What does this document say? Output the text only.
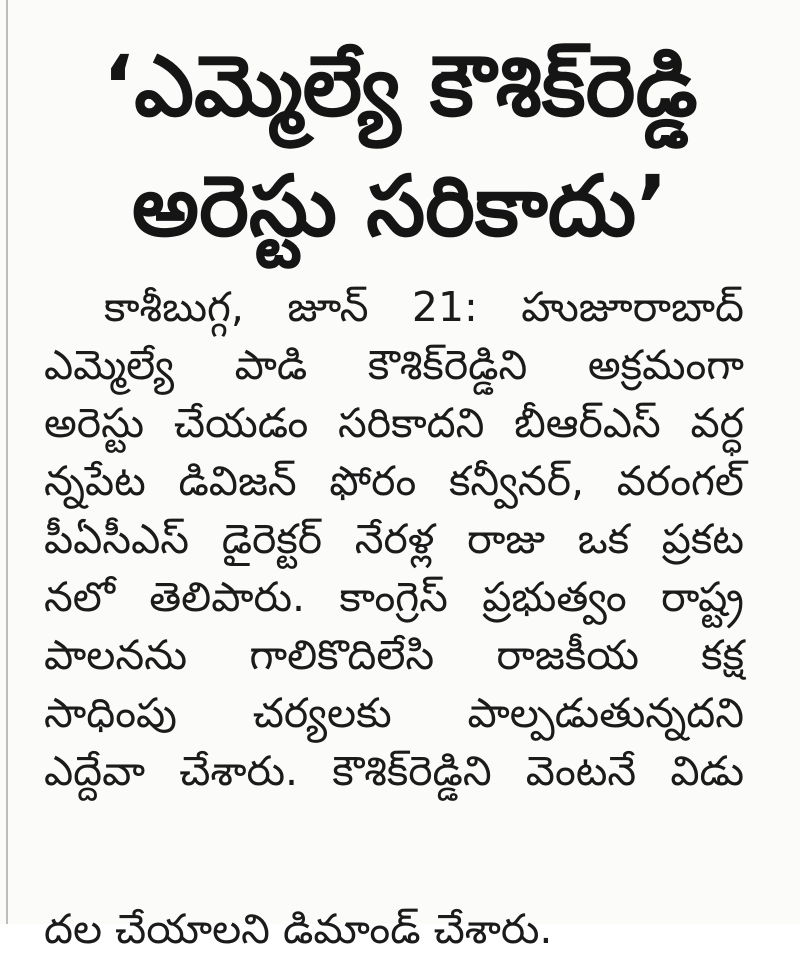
‘ఎమ్మెల్యే కౌశిక్‌రెడ్డి
అరెస్టు సరికాదు’
కాశీబుగ్గ, జూన్ 21: హుజూరాబాద్
ఎమ్మెల్యే పాడి కౌశిక్‌రెడ్డిని అక్రమంగా
అరెస్టు చేయడం సరికాదని బీఆర్ఎస్ వర్ధ
న్నపేట డివిజన్ ఫోరం కన్వీనర్, వరంగల్
పీఏసీఎస్ డైరెక్టర్ నేరళ్ల రాజు ఒక ప్రకట
నలో తెలిపారు. కాంగ్రెస్ ప్రభుత్వం రాష్ట్ర
పాలనను గాలికొదిలేసి రాజకీయ కక్ష
సాధింపు చర్యలకు పాల్పడుతున్నదని
ఎద్దేవా చేశారు. కౌశిక్‌రెడ్డిని వెంటనే విడు
దల చేయాలని డిమాండ్ చేశారు.
